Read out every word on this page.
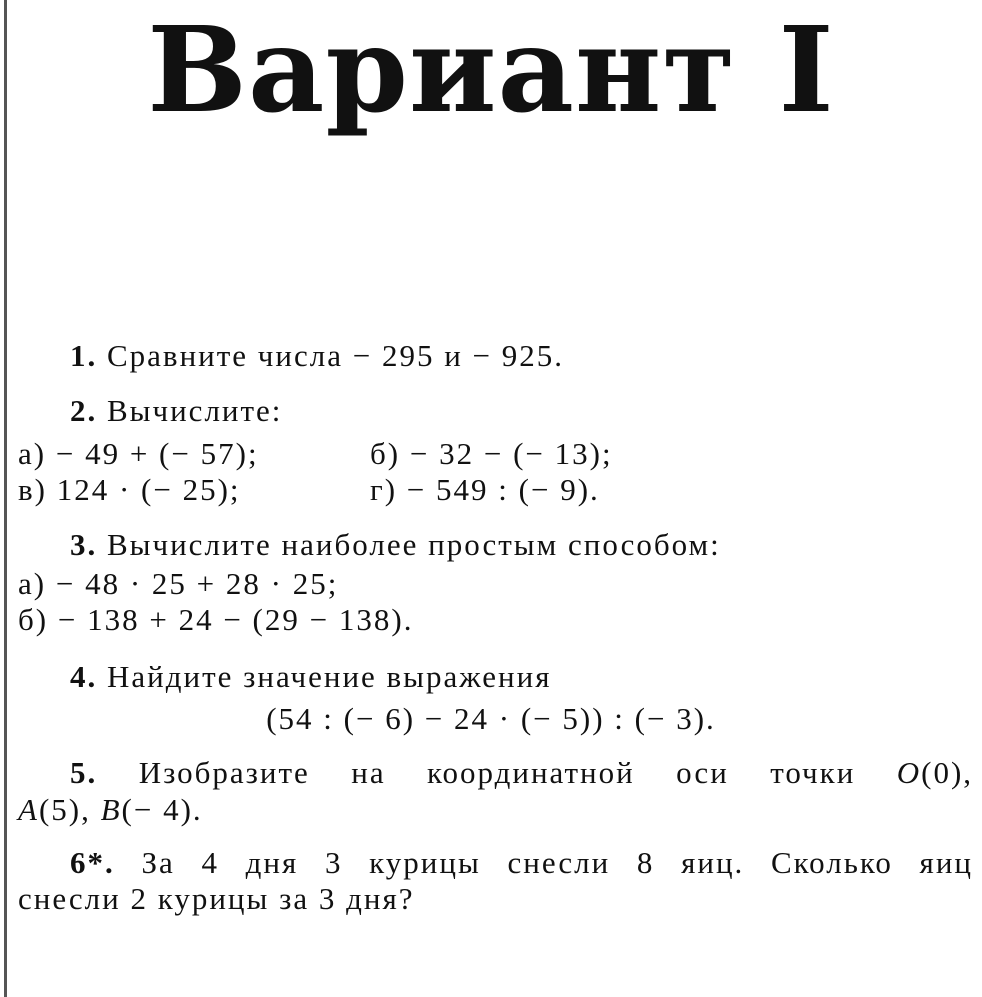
Вариант I
1. Сравните числа − 295 и − 925.
2. Вычислите:
а) − 49 + (− 57);	б) − 32 − (− 13);
в) 124 · (− 25);	г) − 549 : (− 9).
3. Вычислите наиболее простым способом:
а) − 48 · 25 + 28 · 25;
б) − 138 + 24 − (29 − 138).
4. Найдите значение выражения
(54 : (− 6) − 24 · (− 5)) : (− 3).
5. Изобразите на координатной оси точки O(0),
A(5), B(− 4).
6*. За 4 дня 3 курицы снесли 8 яиц. Сколько яиц
снесли 2 курицы за 3 дня?
